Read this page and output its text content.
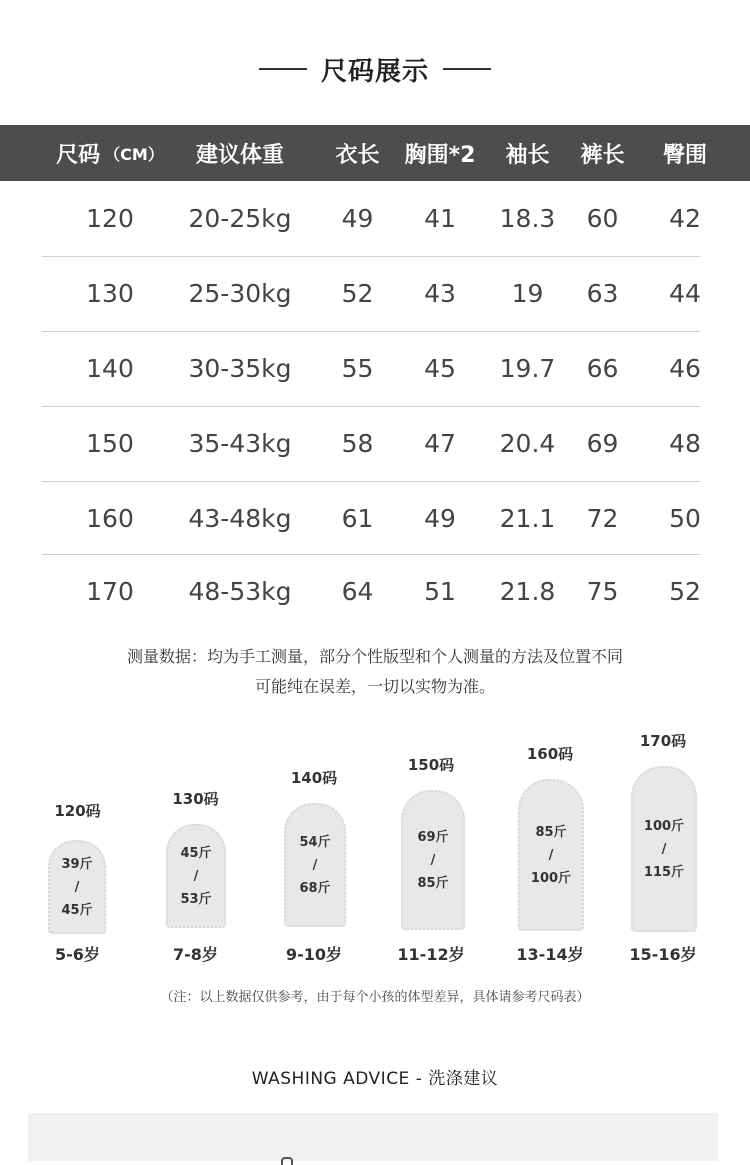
尺码展示
尺码 （CM）	建议体重	衣长	胸围*2	袖长	裤长	臀围
120	20-25kg	49	41	18.3	60	42
130	25-30kg	52	43	19	63	44
140	30-35kg	55	45	19.7	66	46
150	35-43kg	58	47	20.4	69	48
160	43-48kg	61	49	21.1	72	50
170	48-53kg	64	51	21.8	75	52
测量数据：均为手工测量，部分个性版型和个人测量的方法及位置不同
可能纯在误差，一切以实物为准。
120码
39斤
/
45斤
5-6岁
130码
45斤
/
53斤
7-8岁
140码
54斤
/
68斤
9-10岁
150码
69斤
/
85斤
11-12岁
160码
85斤
/
100斤
13-14岁
170码
100斤
/
115斤
15-16岁
（注：以上数据仅供参考，由于每个小孩的体型差异，具体请参考尺码表）
WASHING ADVICE - 洗涤建议
